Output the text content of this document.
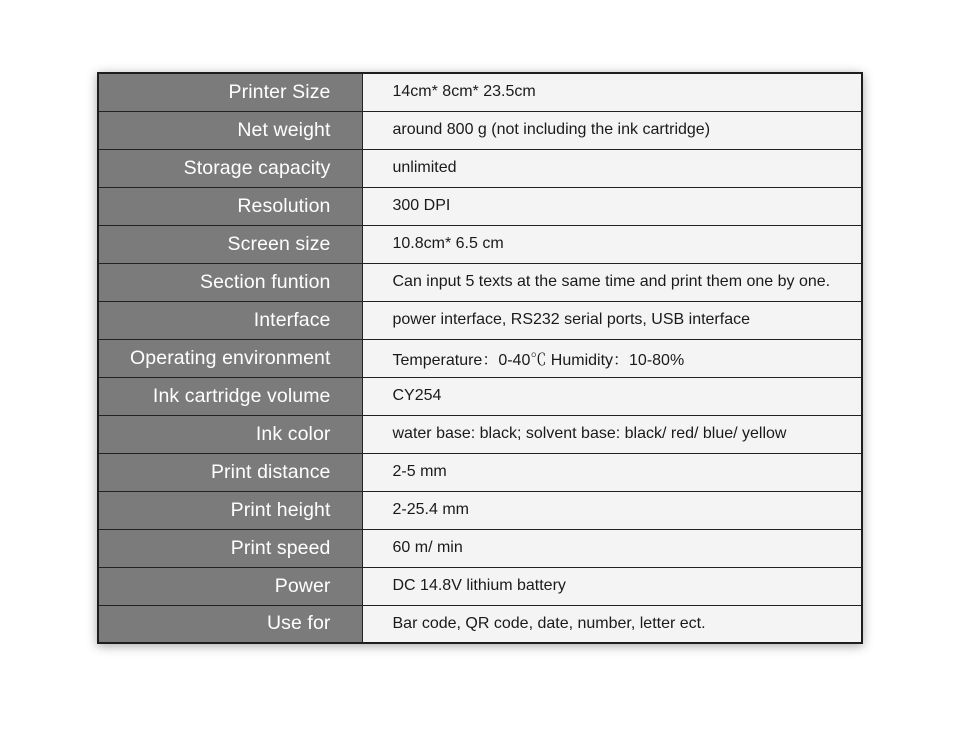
Printer Size	14cm* 8cm* 23.5cm
Net weight	around 800 g (not including the ink cartridge)
Storage capacity	unlimited
Resolution	300 DPI
Screen size	10.8cm* 6.5 cm
Section funtion	Can input 5 texts at the same time and print them one by one.
Interface	power interface, RS232 serial ports, USB interface
Operating environment	Temperature：0-40℃ Humidity：10-80%
Ink cartridge volume	CY254
Ink color	water base: black; solvent base: black/ red/ blue/ yellow
Print distance	2-5 mm
Print height	2-25.4 mm
Print speed	60 m/ min
Power	DC 14.8V lithium battery
Use for	Bar code, QR code, date, number, letter ect.
